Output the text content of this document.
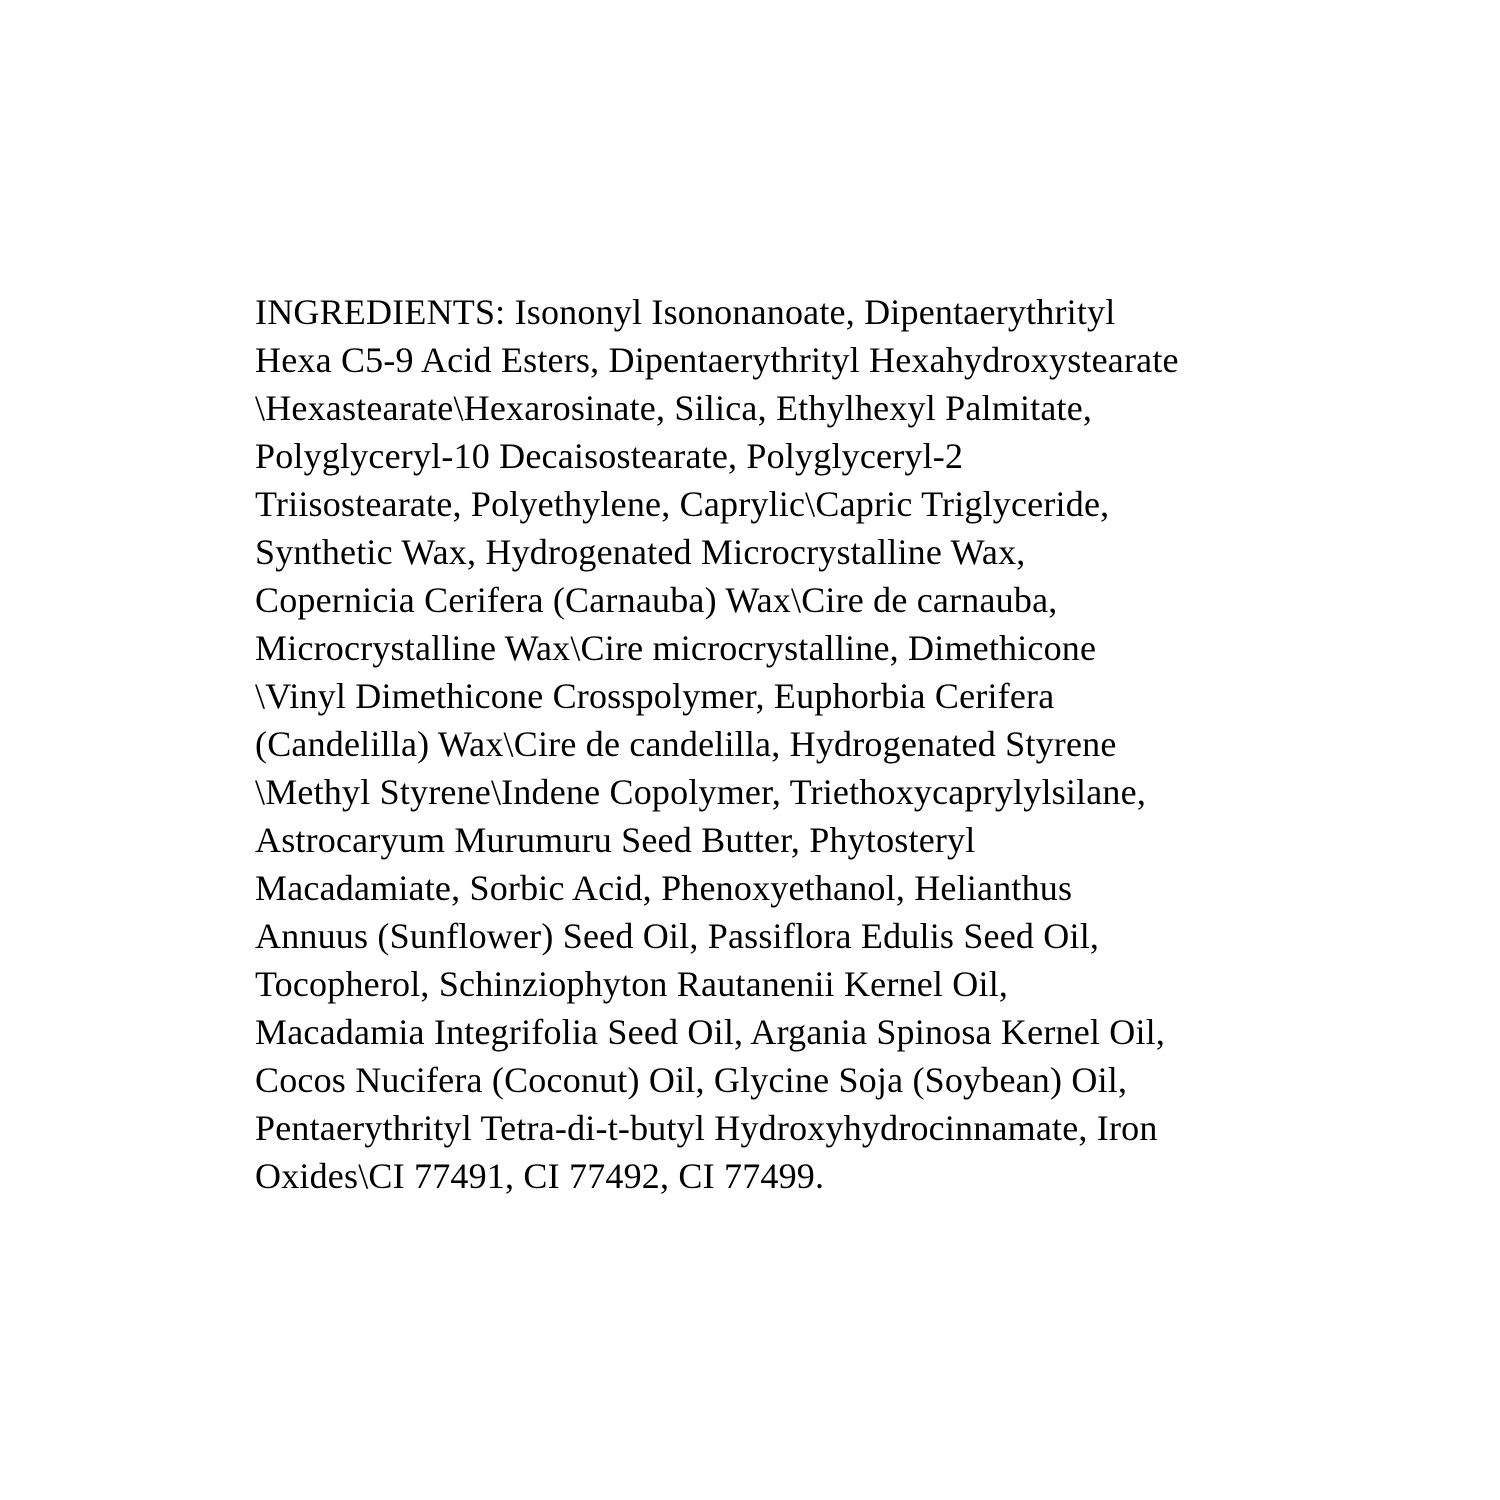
INGREDIENTS: Isononyl Isononanoate, Dipentaerythrityl
Hexa C5-9 Acid Esters, Dipentaerythrityl Hexahydroxystearate
\Hexastearate\Hexarosinate, Silica, Ethylhexyl Palmitate,
Polyglyceryl-10 Decaisostearate, Polyglyceryl-2
Triisostearate, Polyethylene, Caprylic\Capric Triglyceride,
Synthetic Wax, Hydrogenated Microcrystalline Wax,
Copernicia Cerifera (Carnauba) Wax\Cire de carnauba,
Microcrystalline Wax\Cire microcrystalline, Dimethicone
\Vinyl Dimethicone Crosspolymer, Euphorbia Cerifera
(Candelilla) Wax\Cire de candelilla, Hydrogenated Styrene
\Methyl Styrene\Indene Copolymer, Triethoxycaprylylsilane,
Astrocaryum Murumuru Seed Butter, Phytosteryl
Macadamiate, Sorbic Acid, Phenoxyethanol, Helianthus
Annuus (Sunflower) Seed Oil, Passiflora Edulis Seed Oil,
Tocopherol, Schinziophyton Rautanenii Kernel Oil,
Macadamia Integrifolia Seed Oil, Argania Spinosa Kernel Oil,
Cocos Nucifera (Coconut) Oil, Glycine Soja (Soybean) Oil,
Pentaerythrityl Tetra-di-t-butyl Hydroxyhydrocinnamate, Iron
Oxides\CI 77491, CI 77492, CI 77499.
